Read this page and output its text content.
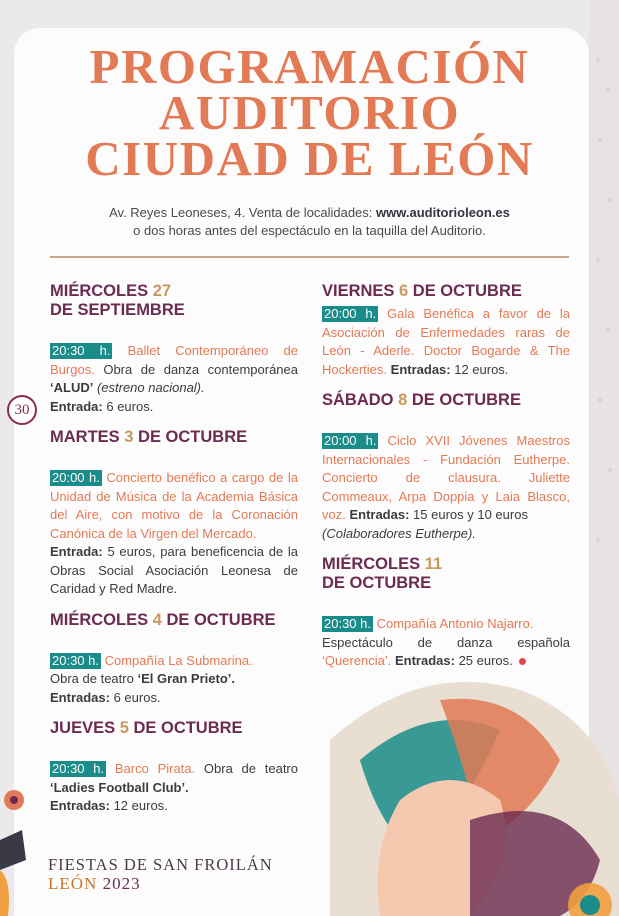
PROGRAMACIÓN
AUDITORIO
CIUDAD DE LEÓN
Av. Reyes Leoneses, 4. Venta de localidades: www.auditorioleon.es
o dos horas antes del espectáculo en la taquilla del Auditorio.
30
MIÉRCOLES 27
DE SEPTIEMBRE

20:30 h. Ballet Contemporáneo de Burgos. Obra de danza contemporánea ‘ALUD’ (estreno nacional).
Entrada: 6 euros.

MARTES 3 DE OCTUBRE

20:00 h. Concierto benéfico a cargo de la Unidad de Música de la Academia Básica del Aire, con motivo de la Coronación Canónica de la Virgen del Mercado.
Entrada: 5 euros, para beneficencia de la Obras Social Asociación Leonesa de Caridad y Red Madre.

MIÉRCOLES 4 DE OCTUBRE

20:30 h. Compañía La Submarina.
Obra de teatro ‘El Gran Prieto’.
Entradas: 6 euros.

JUEVES 5 DE OCTUBRE

20:30 h. Barco Pirata. Obra de teatro ‘Ladies Football Club’.
Entradas: 12 euros.

VIERNES 6 DE OCTUBRE

20:00 h. Gala Benéfica a favor de la Asociación de Enfermedades raras de León - Aderle. Doctor Bogarde & The Hockerties. Entradas: 12 euros.

SÁBADO 8 DE OCTUBRE

20:00 h. Ciclo XVII Jóvenes Maestros Internacionales - Fundación Eutherpe. Concierto de clausura. Juliette Commeaux, Arpa Doppia y Laia Blasco, voz. Entradas: 15 euros y 10 euros
(Colaboradores Eutherpe).

MIÉRCOLES 11
DE OCTUBRE

20:30 h. Compañía Antonio Najarro.
Espectáculo de danza española ‘Querencia’. Entradas: 25 euros.

FIESTAS DE SAN FROILÁN
LEÓN 2023
